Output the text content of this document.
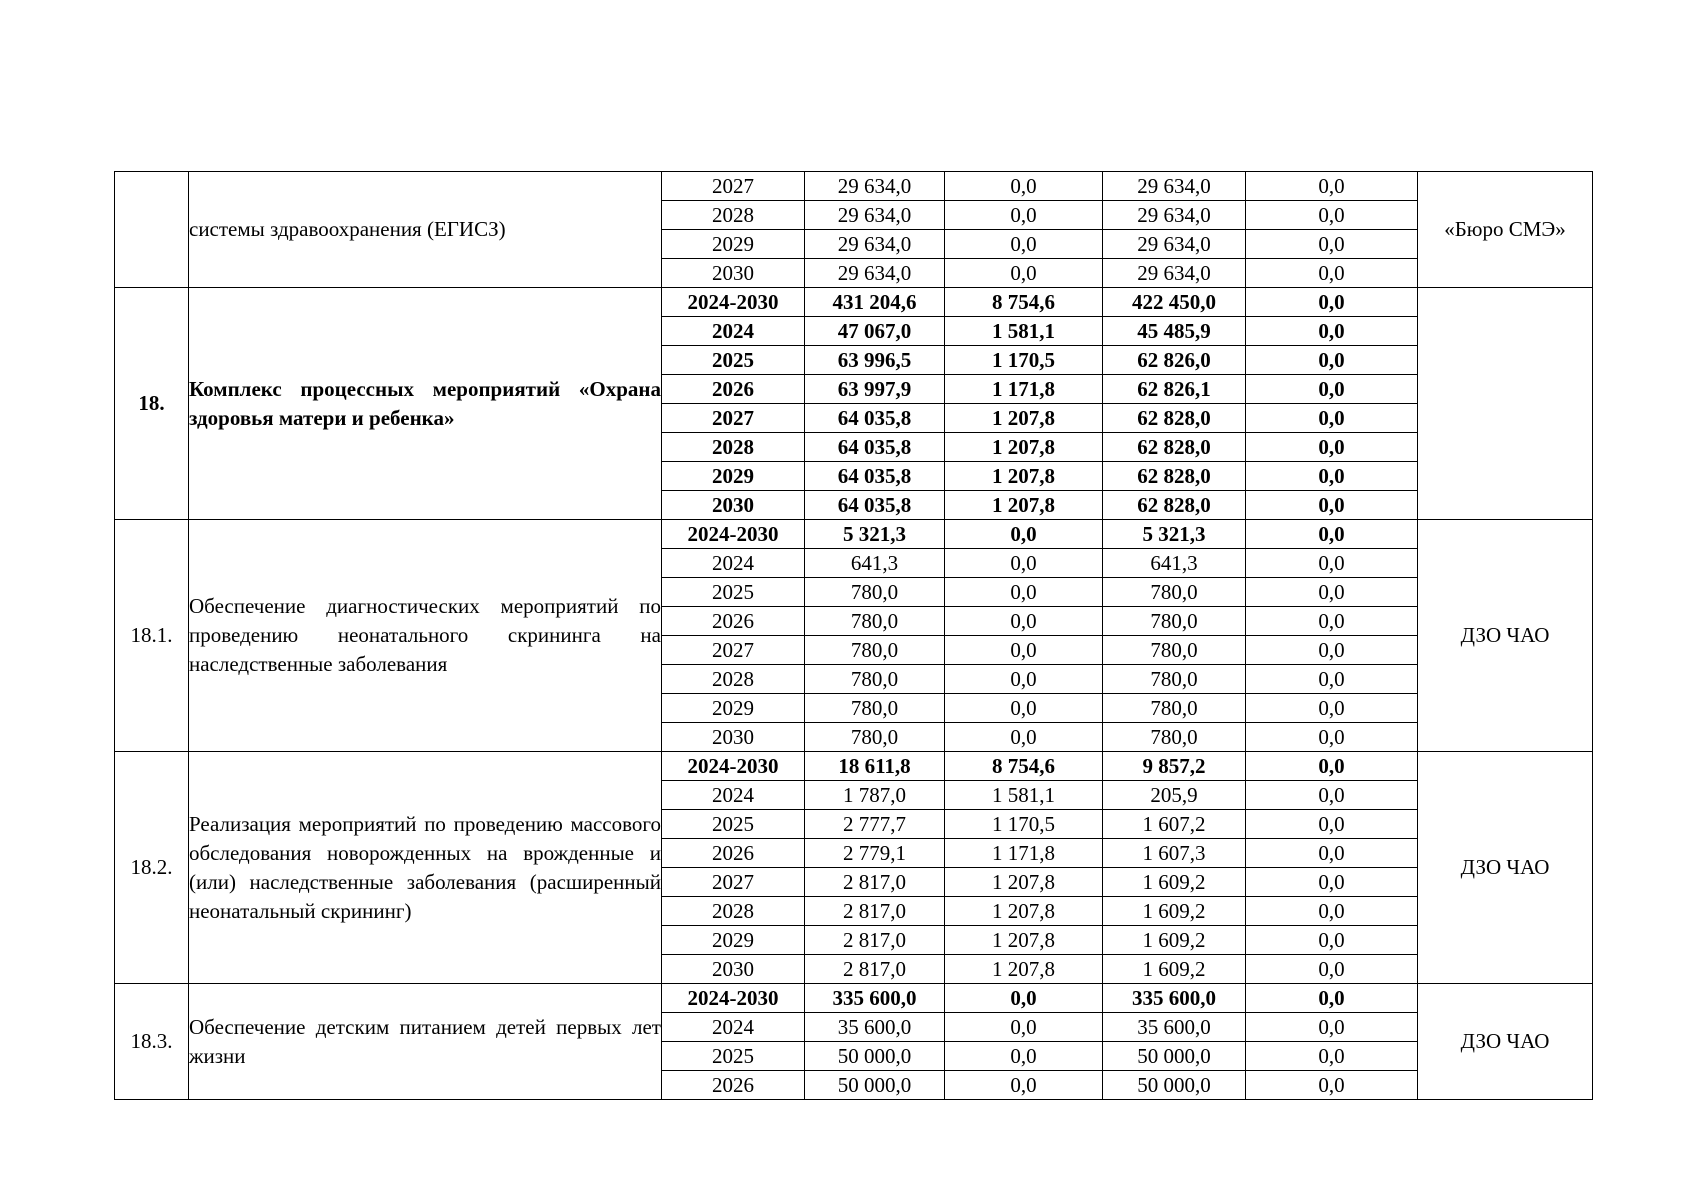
	системы здравоохранения (ЕГИСЗ)	2027	29 634,0	0,0	29 634,0	0,0	«Бюро СМЭ»
		2028	29 634,0	0,0	29 634,0	0,0	
		2029	29 634,0	0,0	29 634,0	0,0	
		2030	29 634,0	0,0	29 634,0	0,0	
18.	Комплекс процессных мероприятий «Охрана здоровья матери и ребенка»	2024-2030	431 204,6	8 754,6	422 450,0	0,0	
		2024	47 067,0	1 581,1	45 485,9	0,0	
		2025	63 996,5	1 170,5	62 826,0	0,0	
		2026	63 997,9	1 171,8	62 826,1	0,0	
		2027	64 035,8	1 207,8	62 828,0	0,0	
		2028	64 035,8	1 207,8	62 828,0	0,0	
		2029	64 035,8	1 207,8	62 828,0	0,0	
		2030	64 035,8	1 207,8	62 828,0	0,0	
18.1.	Обеспечение диагностических мероприятий по проведению неонатального скрининга на наследственные заболевания	2024-2030	5 321,3	0,0	5 321,3	0,0	ДЗО ЧАО
		2024	641,3	0,0	641,3	0,0	
		2025	780,0	0,0	780,0	0,0	
		2026	780,0	0,0	780,0	0,0	
		2027	780,0	0,0	780,0	0,0	
		2028	780,0	0,0	780,0	0,0	
		2029	780,0	0,0	780,0	0,0	
		2030	780,0	0,0	780,0	0,0	
18.2.	Реализация мероприятий по проведению массового обследования новорожденных на врожденные и (или) наследственные заболевания (расширенный неонатальный скрининг)	2024-2030	18 611,8	8 754,6	9 857,2	0,0	ДЗО ЧАО
		2024	1 787,0	1 581,1	205,9	0,0	
		2025	2 777,7	1 170,5	1 607,2	0,0	
		2026	2 779,1	1 171,8	1 607,3	0,0	
		2027	2 817,0	1 207,8	1 609,2	0,0	
		2028	2 817,0	1 207,8	1 609,2	0,0	
		2029	2 817,0	1 207,8	1 609,2	0,0	
		2030	2 817,0	1 207,8	1 609,2	0,0	
18.3.	Обеспечение детским питанием детей первых лет жизни	2024-2030	335 600,0	0,0	335 600,0	0,0	ДЗО ЧАО
		2024	35 600,0	0,0	35 600,0	0,0	
		2025	50 000,0	0,0	50 000,0	0,0	
		2026	50 000,0	0,0	50 000,0	0,0	
